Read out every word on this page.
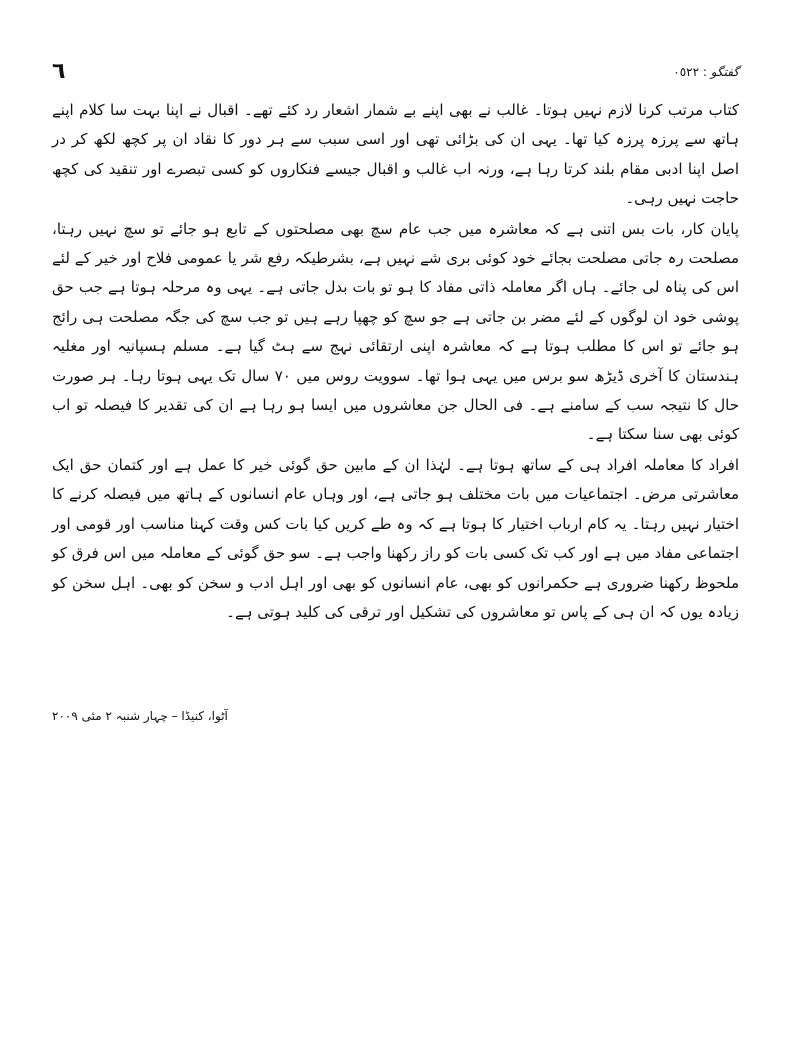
٦	گفتگو : ٠٥٢٢

کتاب مرتب کرنا لازم نہیں ہوتا۔ غالب نے بھی اپنے بے شمار اشعار رد کئے تھے۔ اقبال نے اپنا بہت سا کلام اپنے ہاتھ سے پرزہ پرزہ کیا تھا۔ یہی ان کی بڑائی تھی اور اسی سبب سے ہر دور کا نقاد ان پر کچھ لکھ کر در اصل اپنا ادبی مقام بلند کرتا رہا ہے، ورنہ اب غالب و اقبال جیسے فنکاروں کو کسی تبصرے اور تنقید کی کچھ حاجت نہیں رہی۔

پایان کار، بات بس اتنی ہے کہ معاشرہ میں جب عام سچ بھی مصلحتوں کے تابع ہو جائے تو سچ نہیں رہتا، مصلحت رہ جاتی مصلحت بجائے خود کوئی بری شے نہیں ہے، بشرطیکہ رفع شر یا عمومی فلاح اور خیر کے لئے اس کی پناہ لی جائے۔ ہاں اگر معاملہ ذاتی مفاد کا ہو تو بات بدل جاتی ہے۔ یہی وہ مرحلہ ہوتا ہے جب حق پوشی خود ان لوگوں کے لئے مضر بن جاتی ہے جو سچ کو چھپا رہے ہیں تو جب سچ کی جگہ مصلحت ہی رائج ہو جائے تو اس کا مطلب ہوتا ہے کہ معاشرہ اپنی ارتقائی نہج سے ہٹ گیا ہے۔ مسلم ہسپانیہ اور مغلیہ ہندستان کا آخری ڈیڑھ سو برس میں یہی ہوا تھا۔ سوویت روس میں ۷۰ سال تک یہی ہوتا رہا۔ ہر صورت حال کا نتیجہ سب کے سامنے ہے۔ فی الحال جن معاشروں میں ایسا ہو رہا ہے ان کی تقدیر کا فیصلہ تو اب کوئی بھی سنا سکتا ہے۔

افراد کا معاملہ افراد ہی کے ساتھ ہوتا ہے۔ لہٰذا ان کے مابین حق گوئی خیر کا عمل ہے اور کتمان حق ایک معاشرتی مرض۔ اجتماعیات میں بات مختلف ہو جاتی ہے، اور وہاں عام انسانوں کے ہاتھ میں فیصلہ کرنے کا اختیار نہیں رہتا۔ یہ کام ارباب اختیار کا ہوتا ہے کہ وہ طے کریں کیا بات کس وقت کہنا مناسب اور قومی اور اجتماعی مفاد میں ہے اور کب تک کسی بات کو راز رکھنا واجب ہے۔ سو حق گوئی کے معاملہ میں اس فرق کو ملحوظ رکھنا ضروری ہے حکمرانوں کو بھی، عام انسانوں کو بھی اور اہل ادب و سخن کو بھی۔ اہل سخن کو زیادہ یوں کہ ان ہی کے پاس تو معاشروں کی تشکیل اور ترقی کی کلید ہوتی ہے۔

آٹوا، کنیڈا – چہار شنبہ ۲ مئی ۲۰۰۹
